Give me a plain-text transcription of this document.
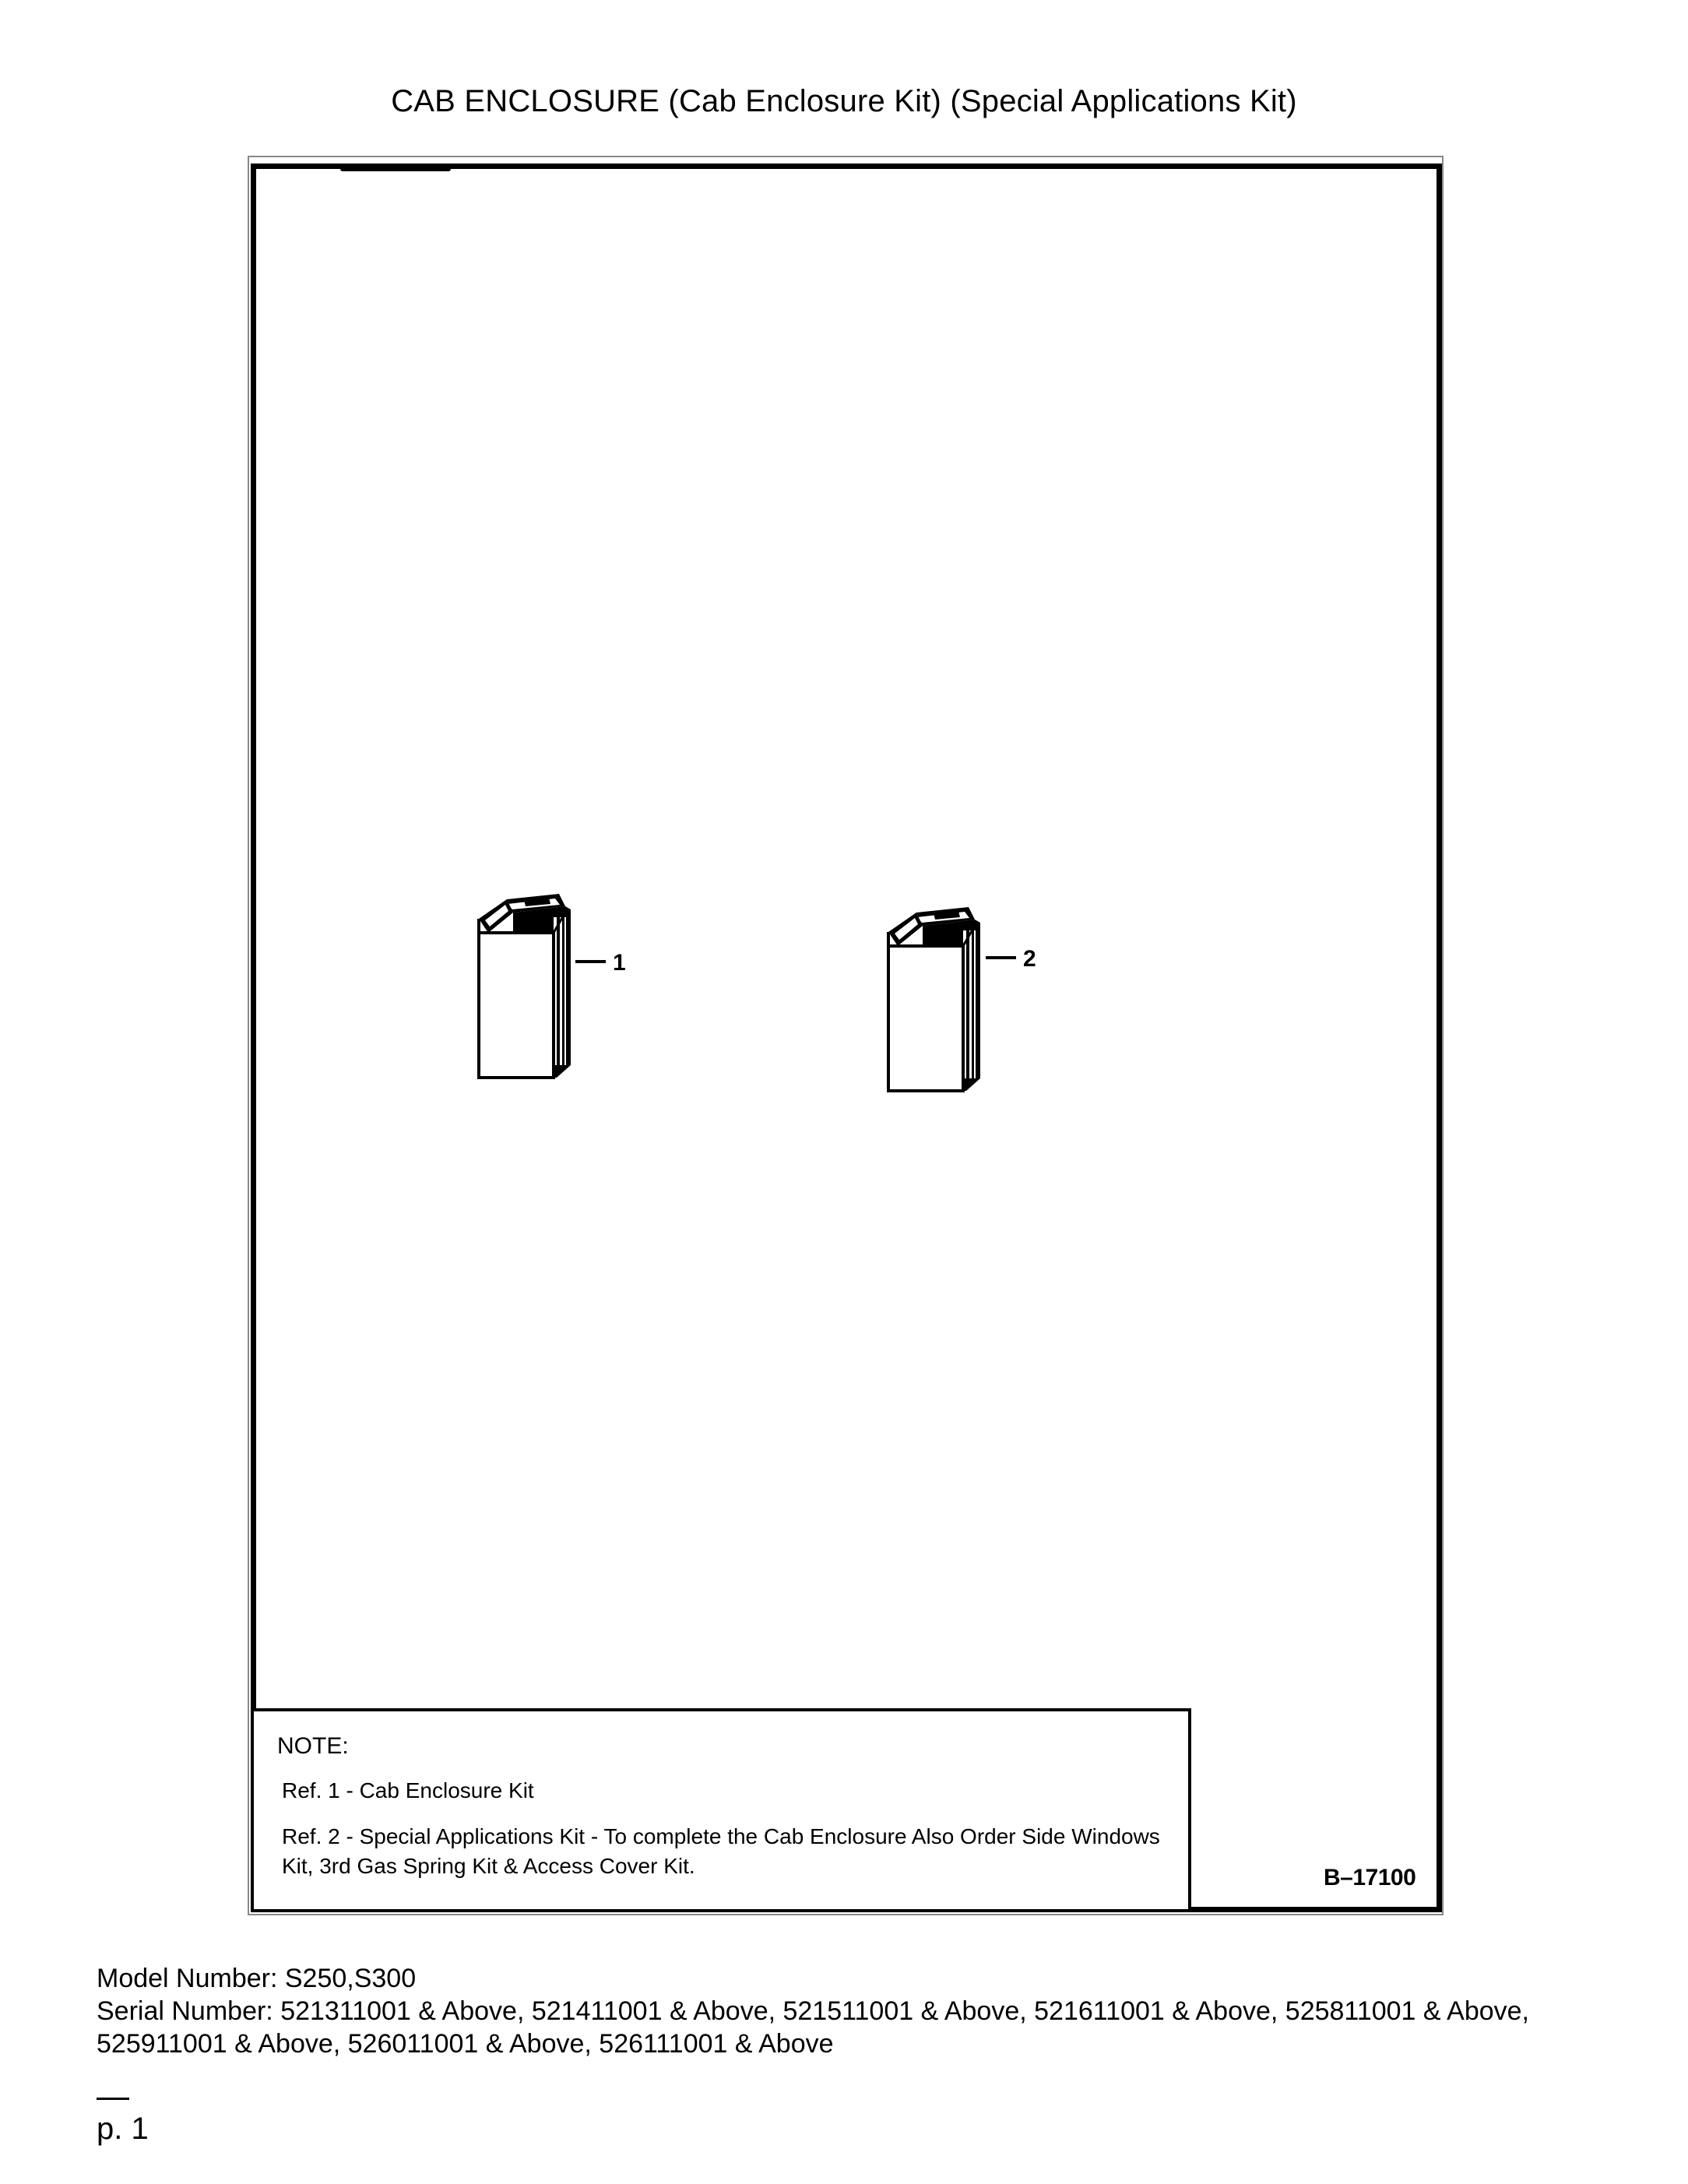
CAB ENCLOSURE (Cab Enclosure Kit) (Special Applications Kit)
1	2
NOTE:
Ref. 1 - Cab Enclosure Kit
Ref. 2 - Special Applications Kit - To complete the Cab Enclosure Also Order Side Windows Kit, 3rd Gas Spring Kit & Access Cover Kit.	B–17100
Model Number: S250,S300
Serial Number: 521311001 & Above, 521411001 & Above, 521511001 & Above, 521611001 & Above, 525811001 & Above, 525911001 & Above, 526011001 & Above, 526111001 & Above
p. 1
